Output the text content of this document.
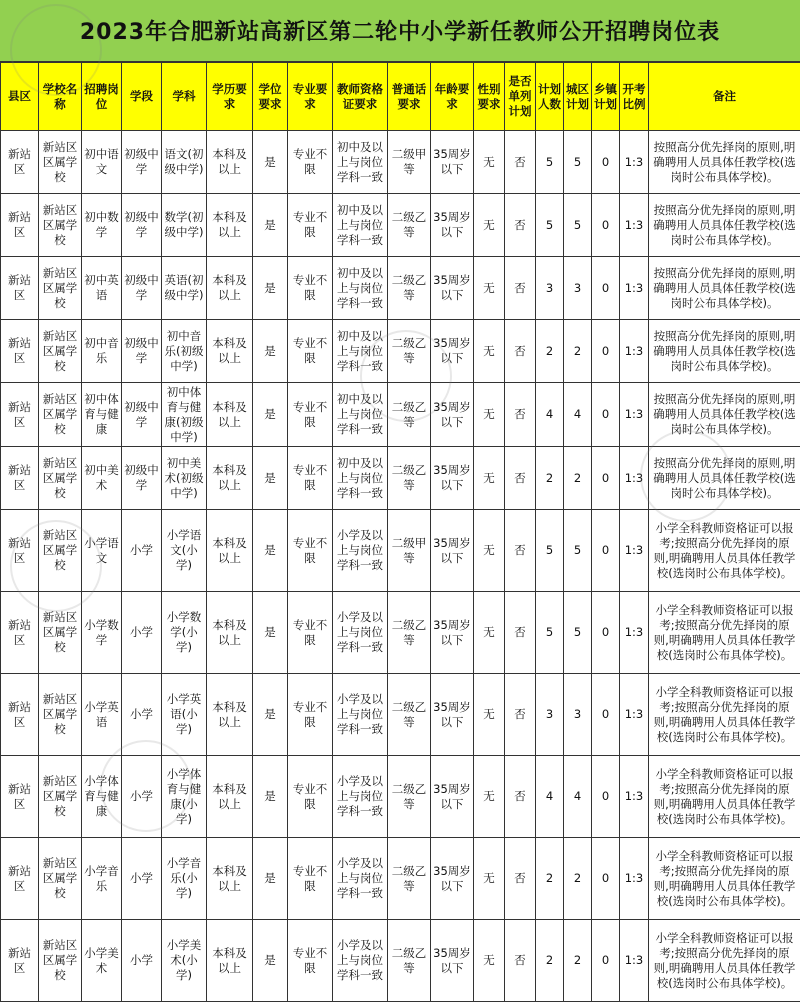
2023年合肥新站高新区第二轮中小学新任教师公开招聘岗位表
县区	学校名称	招聘岗位	学段	学科	学历要求	学位要求	专业要求	教师资格证要求	普通话要求	年龄要求	性别要求	是否单列计划	计划人数	城区计划	乡镇计划	开考比例	备注
新站区	新站区区属学校	初中语文	初级中学	语文(初级中学)	本科及以上	是	专业不限	初中及以上与岗位学科一致	二级甲等	35周岁以下	无	否	5	5	0	1:3	按照高分优先择岗的原则,明确聘用人员具体任教学校(选岗时公布具体学校)。
新站区	新站区区属学校	初中数学	初级中学	数学(初级中学)	本科及以上	是	专业不限	初中及以上与岗位学科一致	二级乙等	35周岁以下	无	否	5	5	0	1:3	按照高分优先择岗的原则,明确聘用人员具体任教学校(选岗时公布具体学校)。
新站区	新站区区属学校	初中英语	初级中学	英语(初级中学)	本科及以上	是	专业不限	初中及以上与岗位学科一致	二级乙等	35周岁以下	无	否	3	3	0	1:3	按照高分优先择岗的原则,明确聘用人员具体任教学校(选岗时公布具体学校)。
新站区	新站区区属学校	初中音乐	初级中学	初中音乐(初级中学)	本科及以上	是	专业不限	初中及以上与岗位学科一致	二级乙等	35周岁以下	无	否	2	2	0	1:3	按照高分优先择岗的原则,明确聘用人员具体任教学校(选岗时公布具体学校)。
新站区	新站区区属学校	初中体育与健康	初级中学	初中体育与健康(初级中学)	本科及以上	是	专业不限	初中及以上与岗位学科一致	二级乙等	35周岁以下	无	否	4	4	0	1:3	按照高分优先择岗的原则,明确聘用人员具体任教学校(选岗时公布具体学校)。
新站区	新站区区属学校	初中美术	初级中学	初中美术(初级中学)	本科及以上	是	专业不限	初中及以上与岗位学科一致	二级乙等	35周岁以下	无	否	2	2	0	1:3	按照高分优先择岗的原则,明确聘用人员具体任教学校(选岗时公布具体学校)。
新站区	新站区区属学校	小学语文	小学	小学语文(小学)	本科及以上	是	专业不限	小学及以上与岗位学科一致	二级甲等	35周岁以下	无	否	5	5	0	1:3	小学全科教师资格证可以报考;按照高分优先择岗的原则,明确聘用人员具体任教学校(选岗时公布具体学校)。
新站区	新站区区属学校	小学数学	小学	小学数学(小学)	本科及以上	是	专业不限	小学及以上与岗位学科一致	二级乙等	35周岁以下	无	否	5	5	0	1:3	小学全科教师资格证可以报考;按照高分优先择岗的原则,明确聘用人员具体任教学校(选岗时公布具体学校)。
新站区	新站区区属学校	小学英语	小学	小学英语(小学)	本科及以上	是	专业不限	小学及以上与岗位学科一致	二级乙等	35周岁以下	无	否	3	3	0	1:3	小学全科教师资格证可以报考;按照高分优先择岗的原则,明确聘用人员具体任教学校(选岗时公布具体学校)。
新站区	新站区区属学校	小学体育与健康	小学	小学体育与健康(小学)	本科及以上	是	专业不限	小学及以上与岗位学科一致	二级乙等	35周岁以下	无	否	4	4	0	1:3	小学全科教师资格证可以报考;按照高分优先择岗的原则,明确聘用人员具体任教学校(选岗时公布具体学校)。
新站区	新站区区属学校	小学音乐	小学	小学音乐(小学)	本科及以上	是	专业不限	小学及以上与岗位学科一致	二级乙等	35周岁以下	无	否	2	2	0	1:3	小学全科教师资格证可以报考;按照高分优先择岗的原则,明确聘用人员具体任教学校(选岗时公布具体学校)。
新站区	新站区区属学校	小学美术	小学	小学美术(小学)	本科及以上	是	专业不限	小学及以上与岗位学科一致	二级乙等	35周岁以下	无	否	2	2	0	1:3	小学全科教师资格证可以报考;按照高分优先择岗的原则,明确聘用人员具体任教学校(选岗时公布具体学校)。
